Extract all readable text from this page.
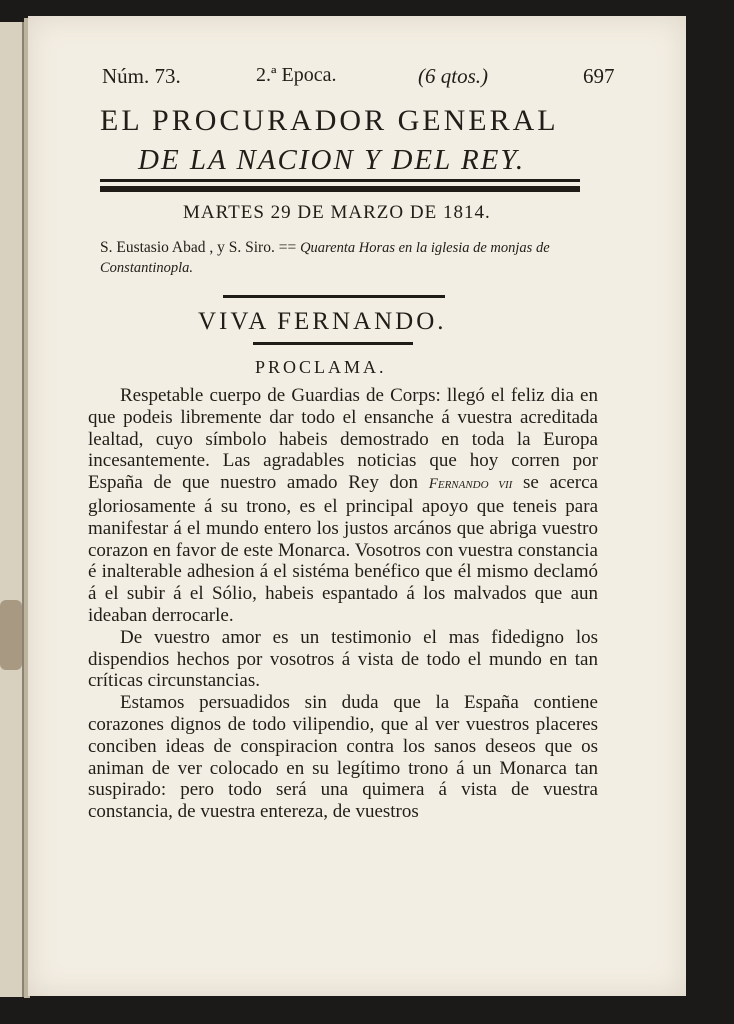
Núm. 73.	2.ª Epoca.	(6 qtos.)	697
EL PROCURADOR GENERAL
DE LA NACION Y DEL REY.
MARTES 29 DE MARZO DE 1814.
S. Eustasio Abad , y S. Siro. == Quarenta Horas en la iglesia de monjas de Constantinopla.
VIVA FERNANDO.
PROCLAMA.

Respetable cuerpo de Guardias de Corps: llegó el feliz dia en que podeis libremente dar todo el ensanche á vuestra acreditada lealtad, cuyo símbolo habeis demostrado en toda la Europa incesantemente. Las agradables noticias que hoy corren por España de que nuestro amado Rey don Fernando vii se acerca gloriosamente á su trono, es el principal apoyo que teneis para manifestar á el mundo entero los justos arcános que abriga vuestro corazon en favor de este Monarca. Vosotros con vuestra constancia é inalterable adhesion á el sistéma benéfico que él mismo declamó á el subir á el Sólio, habeis espantado á los malvados que aun ideaban derrocarle.

De vuestro amor es un testimonio el mas fidedigno los dispendios hechos por vosotros á vista de todo el mundo en tan críticas circunstancias.

Estamos persuadidos sin duda que la España contiene corazones dignos de todo vilipendio, que al ver vuestros placeres conciben ideas de conspiracion contra los sanos deseos que os animan de ver colocado en su legítimo trono á un Monarca tan suspirado: pero todo será una quimera á vista de vuestra constancia, de vuestra entereza, de vuestros
